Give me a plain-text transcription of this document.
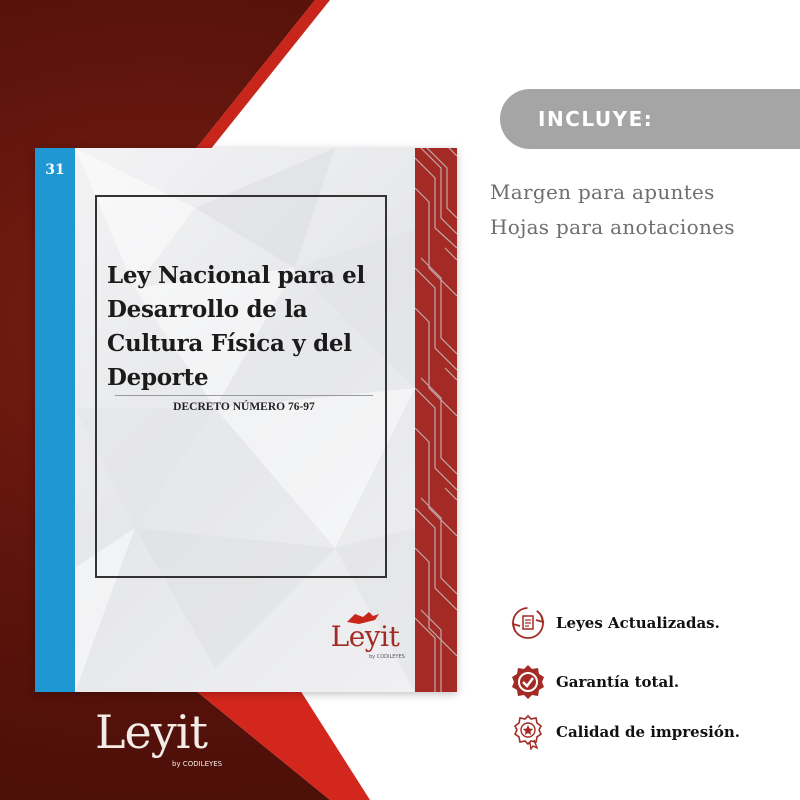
31
Ley Nacional para el Desarrollo de la Cultura Física y del Deporte
DECRETO NÚMERO 76-97
Leyit
by CODILEYES
Leyit
by CODILEYES
INCLUYE:
Margen para apuntes
Hojas para anotaciones
Leyes Actualizadas.
Garantía total.
Calidad de impresión.
